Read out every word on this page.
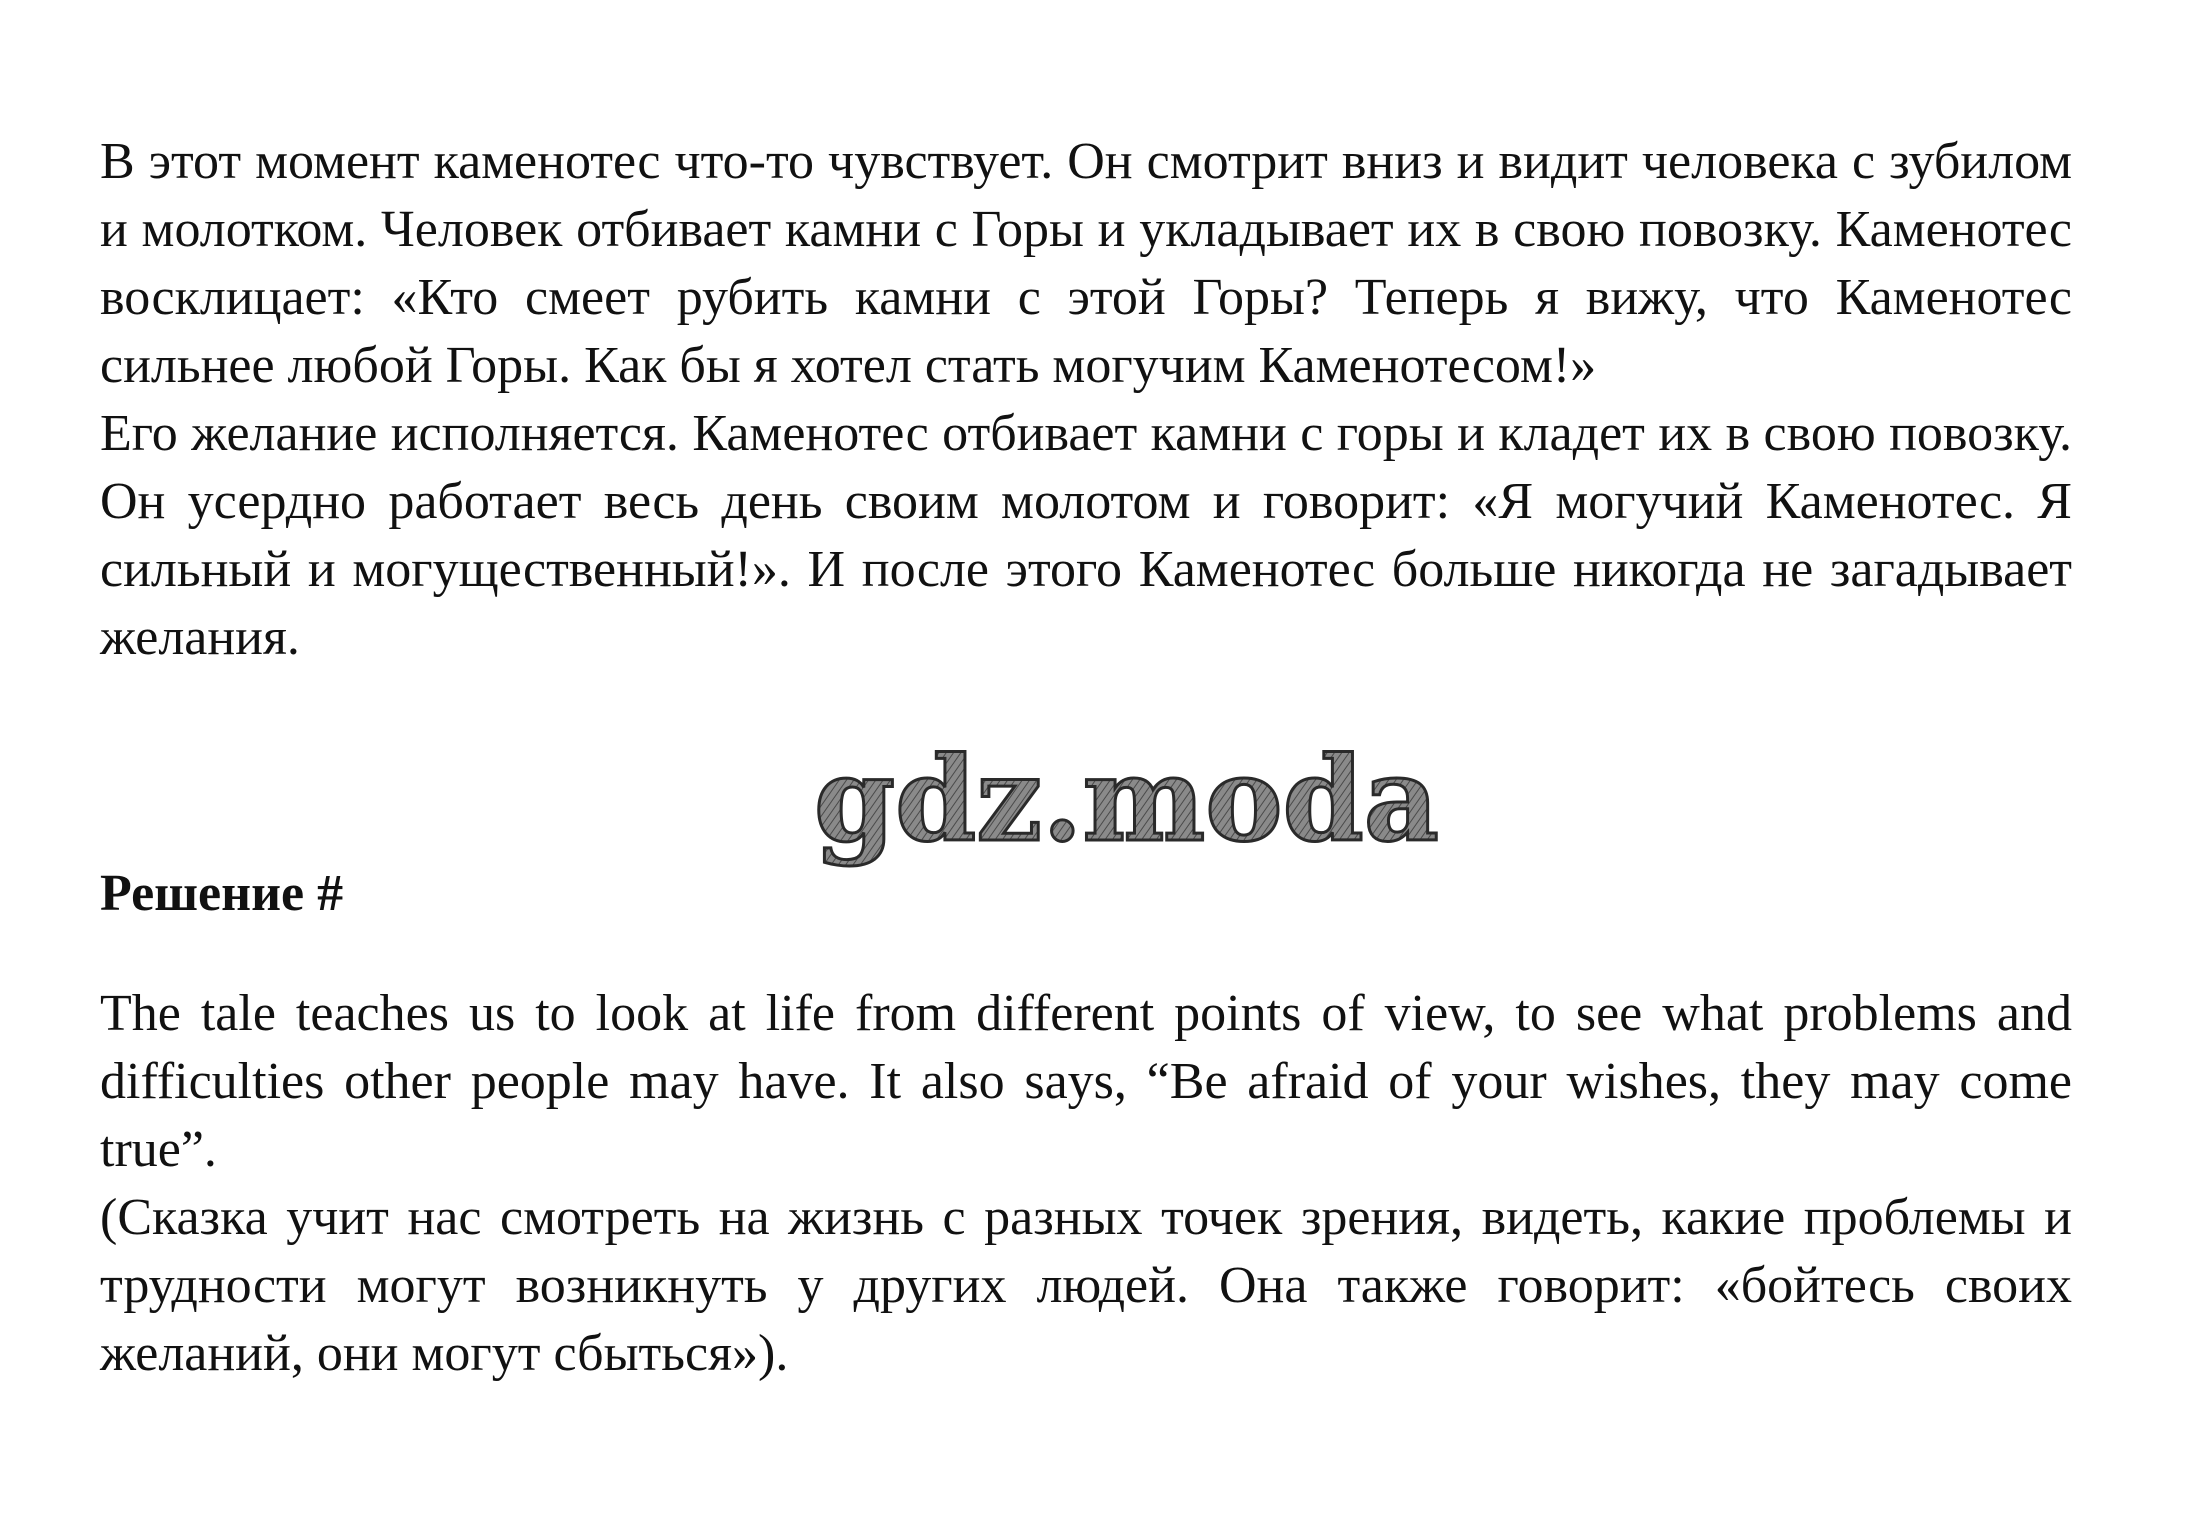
В этот момент каменотес что-то чувствует. Он смотрит вниз и видит человека с зубилом и молотком. Человек отбивает камни с Горы и укладывает их в свою повозку. Каменотес восклицает: «Кто смеет рубить камни с этой Горы? Теперь я вижу, что Каменотес сильнее любой Горы. Как бы я хотел стать могучим Каменотесом!»

Его желание исполняется. Каменотес отбивает камни с горы и кладет их в свою повозку. Он усердно работает весь день своим молотом и говорит: «Я могучий Каменотес. Я сильный и могущественный!». И после этого Каменотес больше никогда не загадывает желания.

gdz.moda
Решение #

The tale teaches us to look at life from different points of view, to see what problems and difficulties other people may have. It also says, “Be afraid of your wishes, they may come true”.

(Сказка учит нас смотреть на жизнь с разных точек зрения, видеть, какие проблемы и трудности могут возникнуть у других людей. Она также говорит: «бойтесь своих желаний, они могут сбыться»).
